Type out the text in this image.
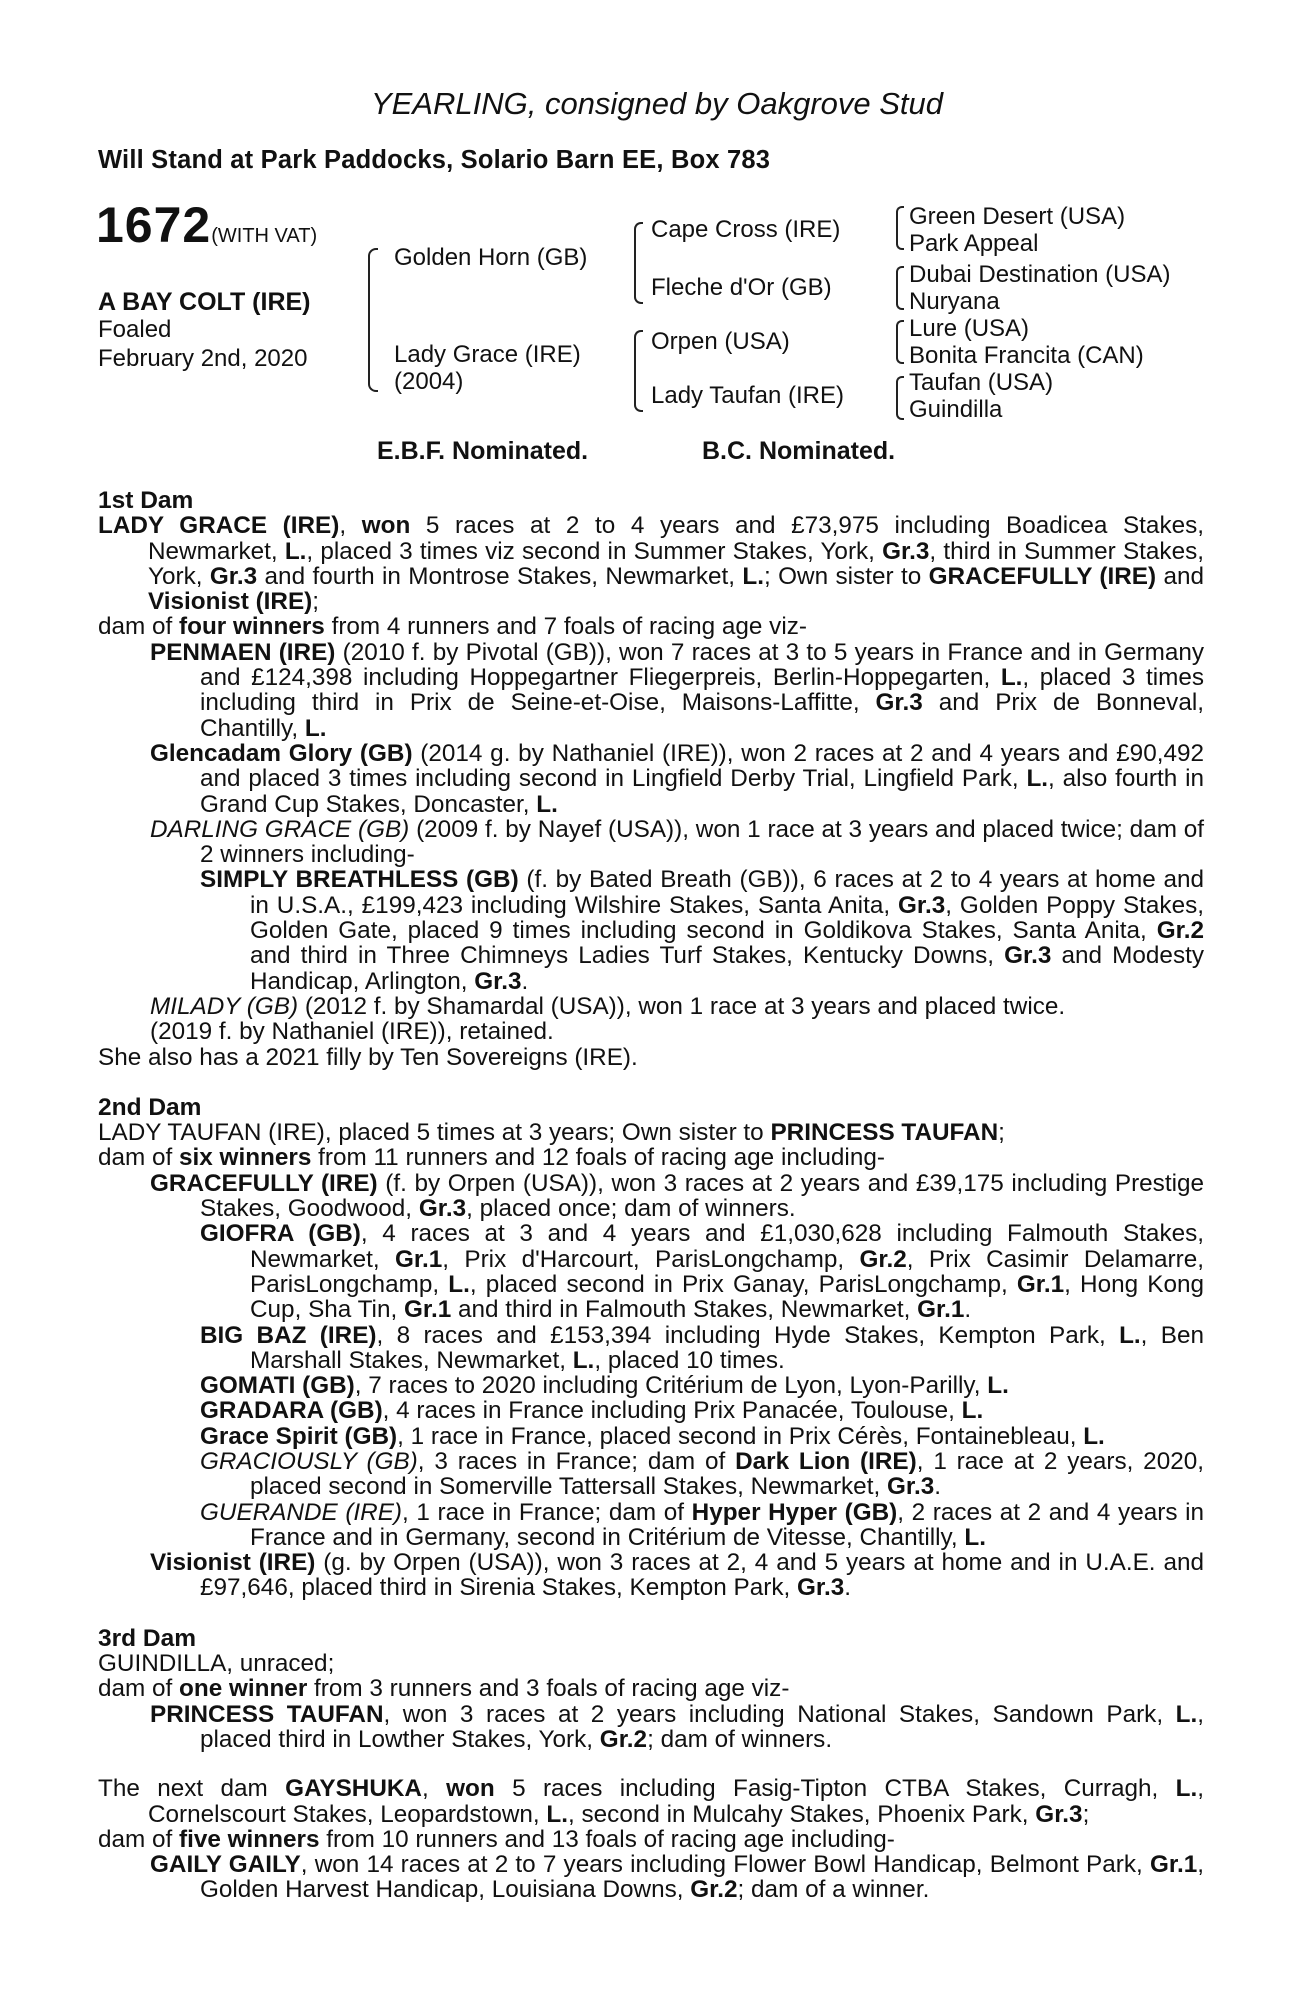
YEARLING, consigned by Oakgrove Stud
Will Stand at Park Paddocks, Solario Barn EE, Box 783
1672(WITH VAT)
A BAY COLT (IRE)
Foaled
February 2nd, 2020
Golden Horn (GB)
Lady Grace (IRE)
(2004)
Cape Cross (IRE)
Fleche d'Or (GB)
Orpen (USA)
Lady Taufan (IRE)
Green Desert (USA)
Park Appeal
Dubai Destination (USA)
Nuryana
Lure (USA)
Bonita Francita (CAN)
Taufan (USA)
Guindilla
E.B.F. Nominated.	B.C. Nominated.
1st Dam

LADY GRACE (IRE), won 5 races at 2 to 4 years and £73,975 including Boadicea Stakes, Newmarket, L., placed 3 times viz second in Summer Stakes, York, Gr.3, third in Summer Stakes, York, Gr.3 and fourth in Montrose Stakes, Newmarket, L.; Own sister to GRACEFULLY (IRE) and Visionist (IRE);

dam of four winners from 4 runners and 7 foals of racing age viz-

PENMAEN (IRE) (2010 f. by Pivotal (GB)), won 7 races at 3 to 5 years in France and in Germany and £124,398 including Hoppegartner Fliegerpreis, Berlin-Hoppegarten, L., placed 3 times including third in Prix de Seine-et-Oise, Maisons-Laffitte, Gr.3 and Prix de Bonneval, Chantilly, L.

Glencadam Glory (GB) (2014 g. by Nathaniel (IRE)), won 2 races at 2 and 4 years and £90,492 and placed 3 times including second in Lingfield Derby Trial, Lingfield Park, L., also fourth in Grand Cup Stakes, Doncaster, L.

DARLING GRACE (GB) (2009 f. by Nayef (USA)), won 1 race at 3 years and placed twice; dam of 2 winners including-

SIMPLY BREATHLESS (GB) (f. by Bated Breath (GB)), 6 races at 2 to 4 years at home and in U.S.A., £199,423 including Wilshire Stakes, Santa Anita, Gr.3, Golden Poppy Stakes, Golden Gate, placed 9 times including second in Goldikova Stakes, Santa Anita, Gr.2 and third in Three Chimneys Ladies Turf Stakes, Kentucky Downs, Gr.3 and Modesty Handicap, Arlington, Gr.3.

MILADY (GB) (2012 f. by Shamardal (USA)), won 1 race at 3 years and placed twice.

(2019 f. by Nathaniel (IRE)), retained.

She also has a 2021 filly by Ten Sovereigns (IRE).

2nd Dam

LADY TAUFAN (IRE), placed 5 times at 3 years; Own sister to PRINCESS TAUFAN;

dam of six winners from 11 runners and 12 foals of racing age including-

GRACEFULLY (IRE) (f. by Orpen (USA)), won 3 races at 2 years and £39,175 including Prestige Stakes, Goodwood, Gr.3, placed once; dam of winners.

GIOFRA (GB), 4 races at 3 and 4 years and £1,030,628 including Falmouth Stakes, Newmarket, Gr.1, Prix d'Harcourt, ParisLongchamp, Gr.2, Prix Casimir Delamarre, ParisLongchamp, L., placed second in Prix Ganay, ParisLongchamp, Gr.1, Hong Kong Cup, Sha Tin, Gr.1 and third in Falmouth Stakes, Newmarket, Gr.1.

BIG BAZ (IRE), 8 races and £153,394 including Hyde Stakes, Kempton Park, L., Ben Marshall Stakes, Newmarket, L., placed 10 times.

GOMATI (GB), 7 races to 2020 including Critérium de Lyon, Lyon-Parilly, L.

GRADARA (GB), 4 races in France including Prix Panacée, Toulouse, L.

Grace Spirit (GB), 1 race in France, placed second in Prix Cérès, Fontainebleau, L.

GRACIOUSLY (GB), 3 races in France; dam of Dark Lion (IRE), 1 race at 2 years, 2020, placed second in Somerville Tattersall Stakes, Newmarket, Gr.3.

GUERANDE (IRE), 1 race in France; dam of Hyper Hyper (GB), 2 races at 2 and 4 years in France and in Germany, second in Critérium de Vitesse, Chantilly, L.

Visionist (IRE) (g. by Orpen (USA)), won 3 races at 2, 4 and 5 years at home and in U.A.E. and £97,646, placed third in Sirenia Stakes, Kempton Park, Gr.3.

3rd Dam

GUINDILLA, unraced;

dam of one winner from 3 runners and 3 foals of racing age viz-

PRINCESS TAUFAN, won 3 races at 2 years including National Stakes, Sandown Park, L., placed third in Lowther Stakes, York, Gr.2; dam of winners.

The next dam GAYSHUKA, won 5 races including Fasig-Tipton CTBA Stakes, Curragh, L., Cornelscourt Stakes, Leopardstown, L., second in Mulcahy Stakes, Phoenix Park, Gr.3;

dam of five winners from 10 runners and 13 foals of racing age including-

GAILY GAILY, won 14 races at 2 to 7 years including Flower Bowl Handicap, Belmont Park, Gr.1, Golden Harvest Handicap, Louisiana Downs, Gr.2; dam of a winner.
